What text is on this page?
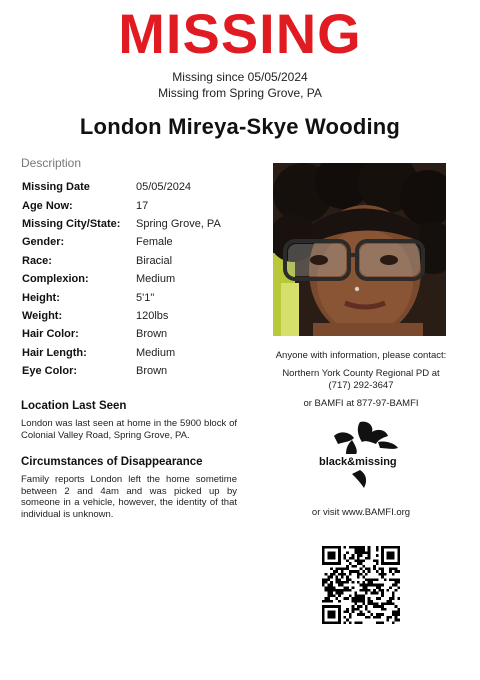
MISSING
Missing since 05/05/2024
Missing from Spring Grove, PA
London Mireya-Skye Wooding
Description
Missing Date	05/05/2024
Age Now:	17
Missing City/State:	Spring Grove, PA
Gender:	Female
Race:	Biracial
Complexion:	Medium
Height:	5'1"
Weight:	120lbs
Hair Color:	Brown
Hair Length:	Medium
Eye Color:	Brown
Anyone with information, please contact:
Northern York County Regional PD at
(717) 292-3647
or BAMFI at 877-97-BAMFI
black&missing
or visit www.BAMFI.org
Location Last Seen
London was last seen at home in the 5900 block of Colonial Valley Road, Spring Grove, PA.
Circumstances of Disappearance
Family reports London left the home sometime between 2 and 4am and was picked up by someone in a vehicle, however, the identity of that individual is unknown.
